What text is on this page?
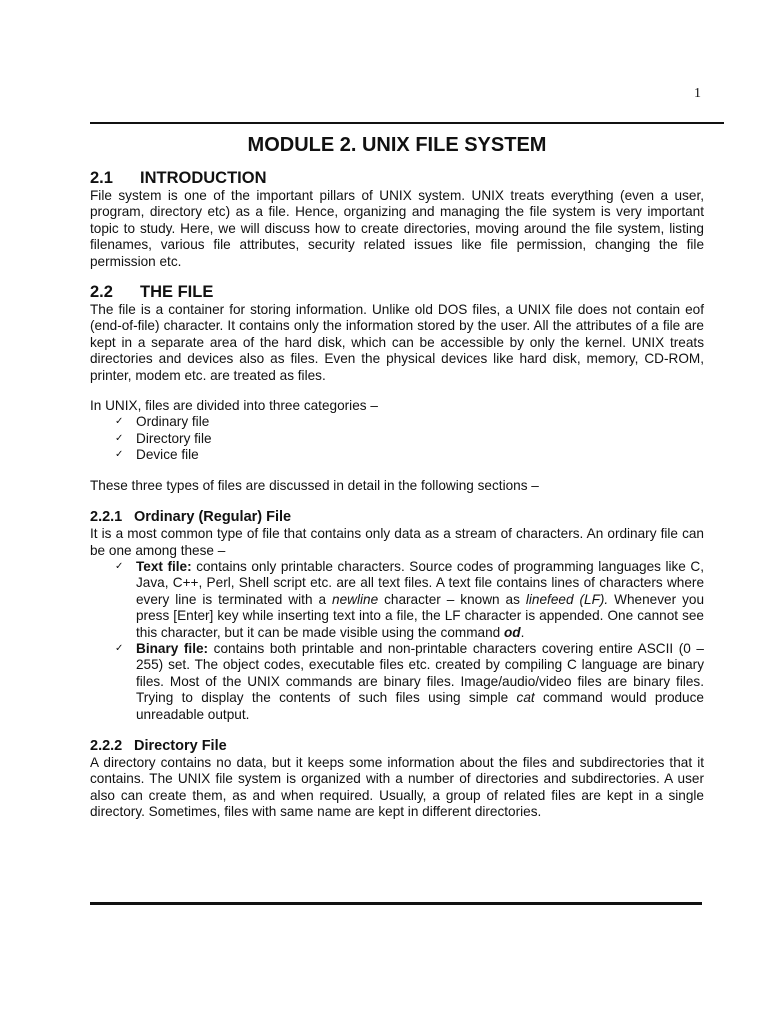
1
MODULE 2. UNIX FILE SYSTEM
2.1 INTRODUCTION

File system is one of the important pillars of UNIX system. UNIX treats everything (even a user, program, directory etc) as a file. Hence, organizing and managing the file system is very important topic to study. Here, we will discuss how to create directories, moving around the file system, listing filenames, various file attributes, security related issues like file permission, changing the file permission etc.

2.2 THE FILE

The file is a container for storing information. Unlike old DOS files, a UNIX file does not contain eof (end-of-file) character. It contains only the information stored by the user. All the attributes of a file are kept in a separate area of the hard disk, which can be accessible by only the kernel. UNIX treats directories and devices also as files. Even the physical devices like hard disk, memory, CD-ROM, printer, modem etc. are treated as files.

In UNIX, files are divided into three categories –

✓ Ordinary file
✓ Directory file
✓ Device file

These three types of files are discussed in detail in the following sections –

2.2.1 Ordinary (Regular) File

It is a most common type of file that contains only data as a stream of characters. An ordinary file can be one among these –

✓ Text file: contains only printable characters. Source codes of programming languages like C, Java, C++, Perl, Shell script etc. are all text files. A text file contains lines of characters where every line is terminated with a newline character – known as linefeed (LF). Whenever you press [Enter] key while inserting text into a file, the LF character is appended. One cannot see this character, but it can be made visible using the command od.
✓ Binary file: contains both printable and non-printable characters covering entire ASCII (0 – 255) set. The object codes, executable files etc. created by compiling C language are binary files. Most of the UNIX commands are binary files. Image/audio/video files are binary files. Trying to display the contents of such files using simple cat command would produce unreadable output.
2.2.2 Directory File

A directory contains no data, but it keeps some information about the files and subdirectories that it contains. The UNIX file system is organized with a number of directories and subdirectories. A user also can create them, as and when required. Usually, a group of related files are kept in a single directory. Sometimes, files with same name are kept in different directories.
